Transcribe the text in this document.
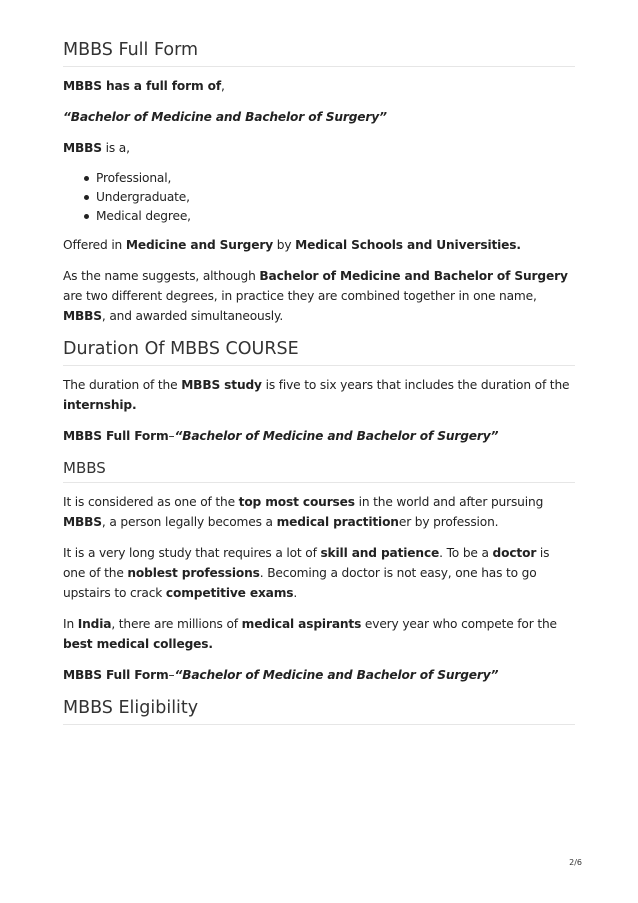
MBBS Full Form

MBBS has a full form of,

“Bachelor of Medicine and Bachelor of Surgery”

MBBS is a,

Professional,
Undergraduate,
Medical degree,

Offered in Medicine and Surgery by Medical Schools and Universities.

As the name suggests, although Bachelor of Medicine and Bachelor of Surgery are two different degrees, in practice they are combined together in one name, MBBS, and awarded simultaneously.

Duration Of MBBS COURSE

The duration of the MBBS study is five to six years that includes the duration of the internship.

MBBS Full Form–“Bachelor of Medicine and Bachelor of Surgery”

MBBS

It is considered as one of the top most courses in the world and after pursuing MBBS, a person legally becomes a medical practitioner by profession.

It is a very long study that requires a lot of skill and patience. To be a doctor is one of the noblest professions. Becoming a doctor is not easy, one has to go upstairs to crack competitive exams.

In India, there are millions of medical aspirants every year who compete for the best medical colleges.

MBBS Full Form–“Bachelor of Medicine and Bachelor of Surgery”

MBBS Eligibility
2/6
